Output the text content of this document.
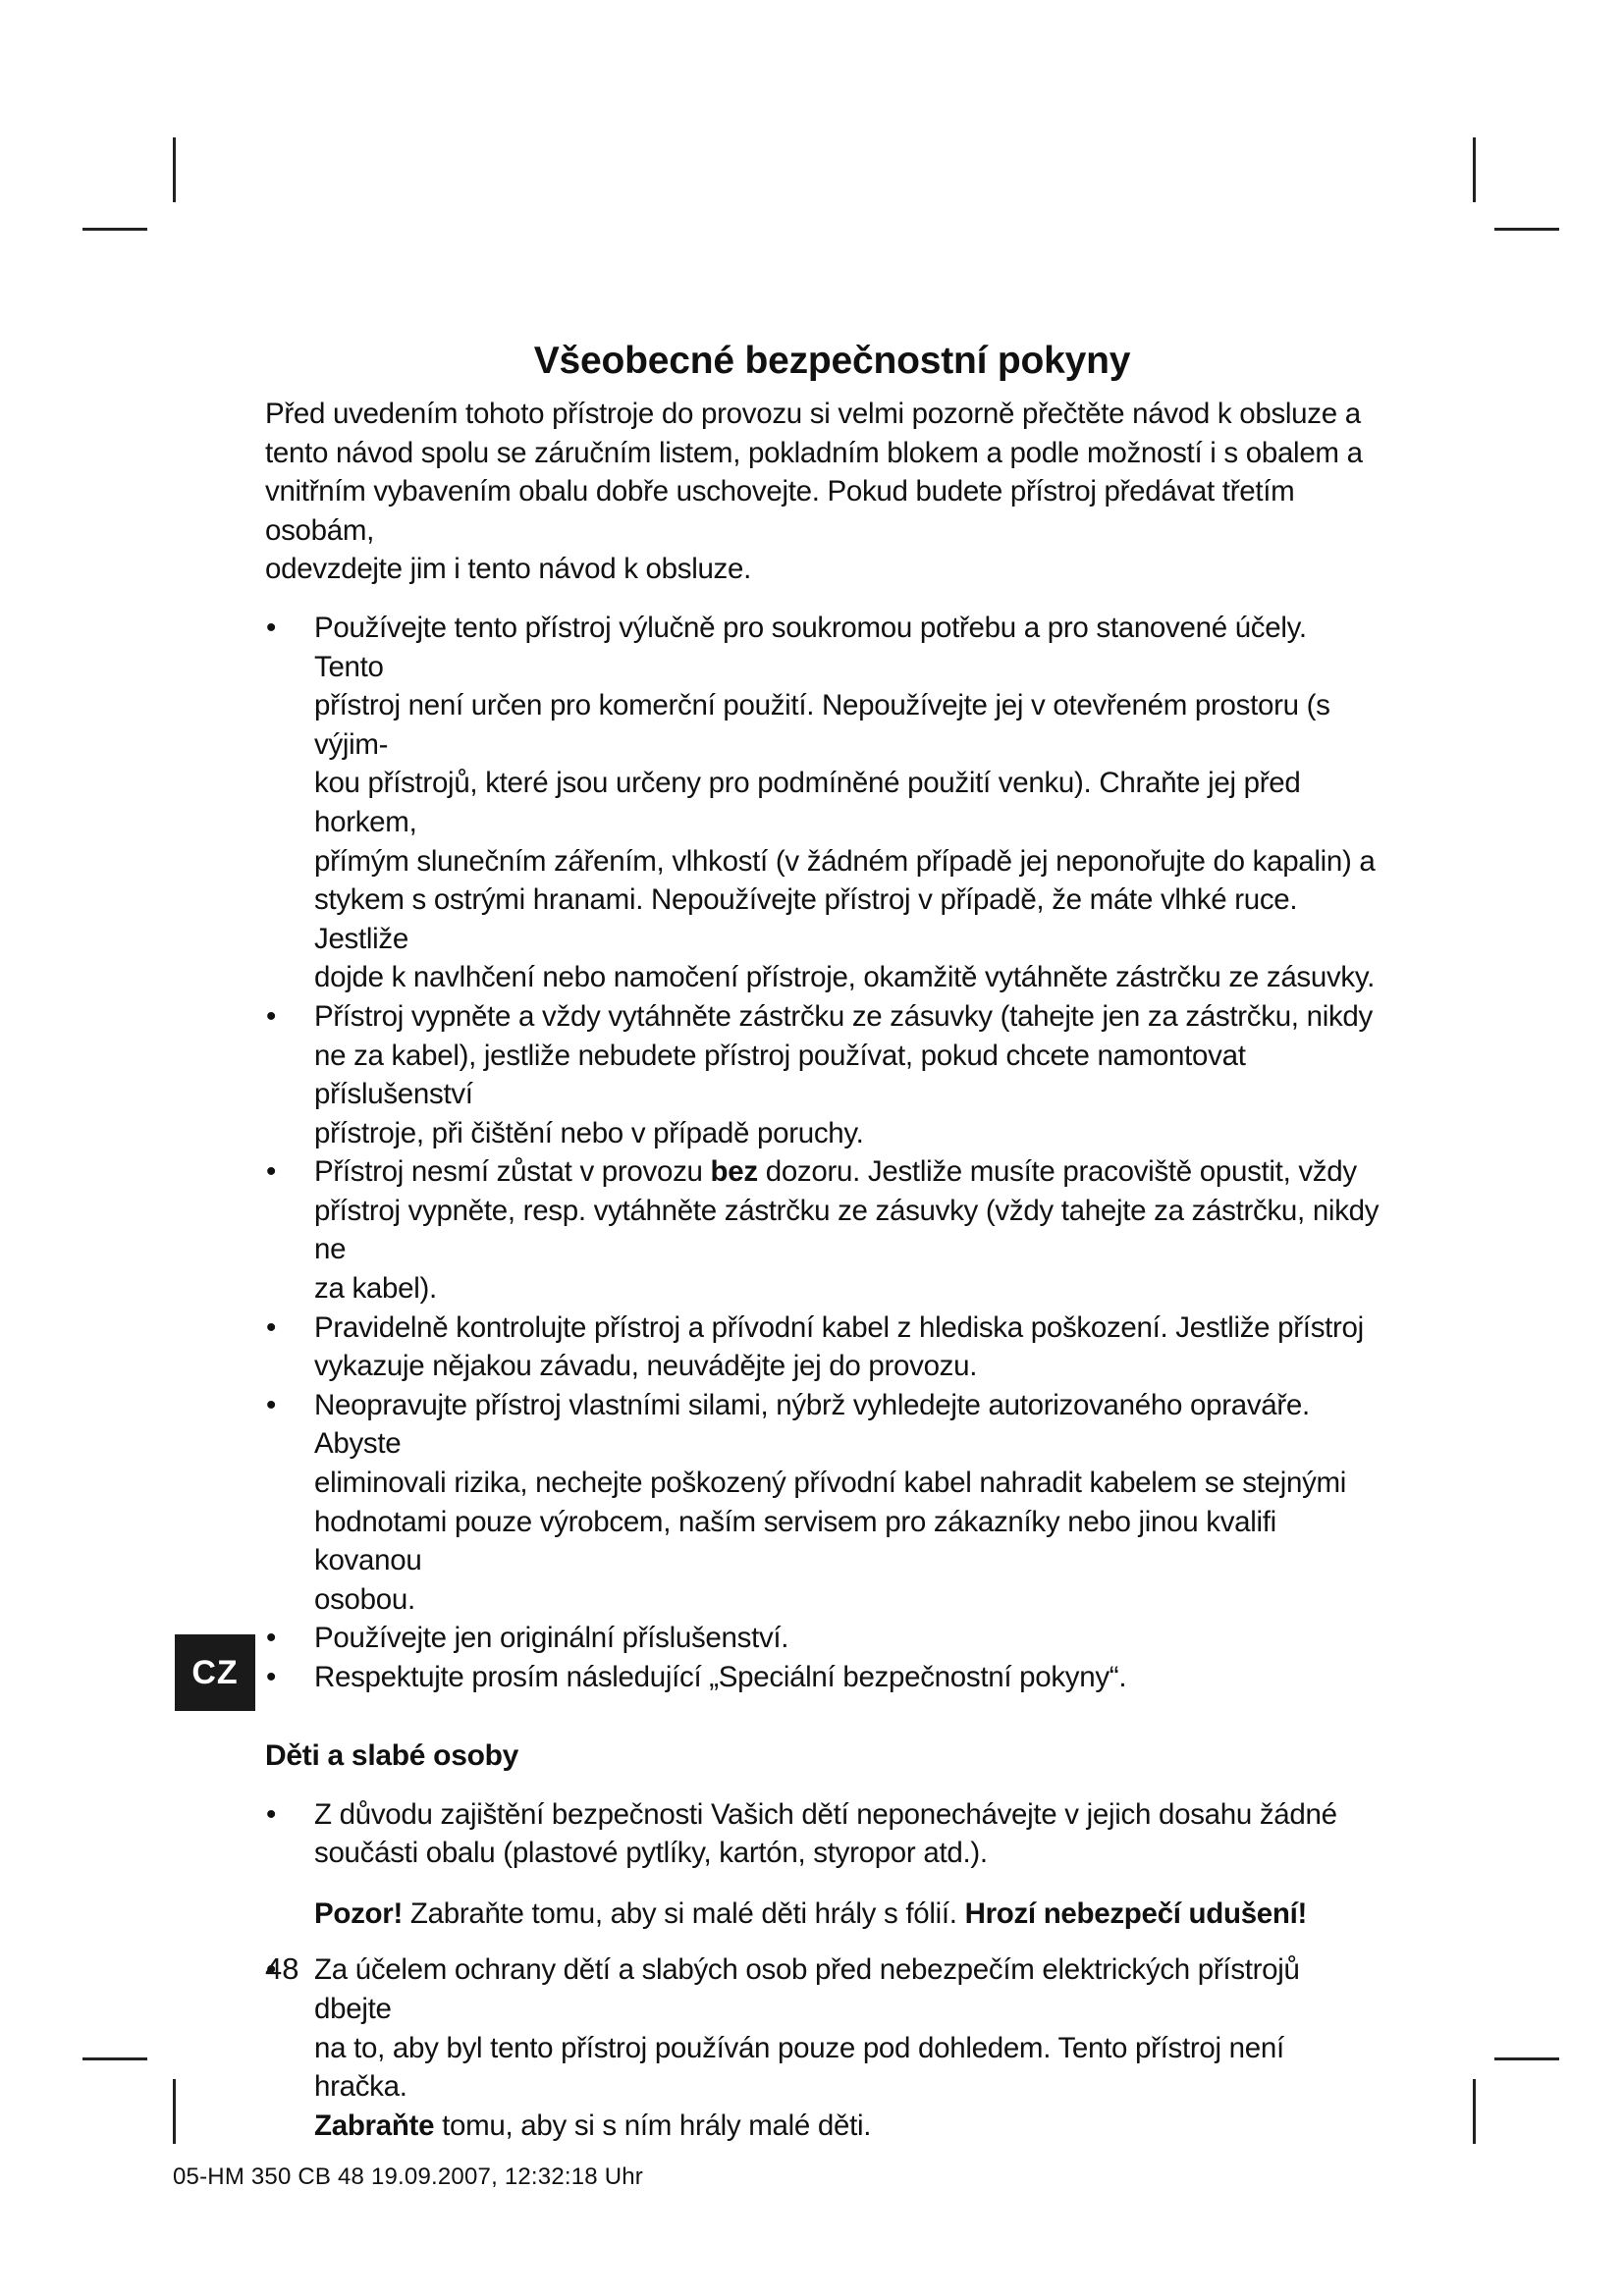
Všeobecné bezpečnostní pokyny

Před uvedením tohoto přístroje do provozu si velmi pozorně přečtěte návod k obsluze a
tento návod spolu se záručním listem, pokladním blokem a podle možností i s obalem a
vnitřním vybavením obalu dobře uschovejte. Pokud budete přístroj předávat třetím osobám,
odevzdejte jim i tento návod k obsluze.

• Používejte tento přístroj výlučně pro soukromou potřebu a pro stanovené účely. Tento
přístroj není určen pro komerční použití. Nepoužívejte jej v otevřeném prostoru (s výjim-
kou přístrojů, které jsou určeny pro podmíněné použití venku). Chraňte jej před horkem,
přímým slunečním zářením, vlhkostí (v žádném případě jej neponořujte do kapalin) a
stykem s ostrými hranami. Nepoužívejte přístroj v případě, že máte vlhké ruce. Jestliže
dojde k navlhčení nebo namočení přístroje, okamžitě vytáhněte zástrčku ze zásuvky.
• Přístroj vypněte a vždy vytáhněte zástrčku ze zásuvky (tahejte jen za zástrčku, nikdy
ne za kabel), jestliže nebudete přístroj používat, pokud chcete namontovat příslušenství
přístroje, při čištění nebo v případě poruchy.
• Přístroj nesmí zůstat v provozu bez dozoru. Jestliže musíte pracoviště opustit, vždy
přístroj vypněte, resp. vytáhněte zástrčku ze zásuvky (vždy tahejte za zástrčku, nikdy ne
za kabel).
• Pravidelně kontrolujte přístroj a přívodní kabel z hlediska poškození. Jestliže přístroj
vykazuje nějakou závadu, neuvádějte jej do provozu.
• Neopravujte přístroj vlastními silami, nýbrž vyhledejte autorizovaného opraváře. Abyste
eliminovali rizika, nechejte poškozený přívodní kabel nahradit kabelem se stejnými
hodnotami pouze výrobcem, naším servisem pro zákazníky nebo jinou kvalifi kovanou
osobou.
• Používejte jen originální příslušenství.
• Respektujte prosím následující „Speciální bezpečnostní pokyny“.
Děti a slabé osoby
• Z důvodu zajištění bezpečnosti Vašich dětí neponechávejte v jejich dosahu žádné
součásti obalu (plastové pytlíky, kartón, styropor atd.).

Pozor! Zabraňte tomu, aby si malé děti hrály s fólií. Hrozí nebezpečí udušení!

• Za účelem ochrany dětí a slabých osob před nebezpečím elektrických přístrojů dbejte
na to, aby byl tento přístroj používán pouze pod dohledem. Tento přístroj není hračka.
Zabraňte tomu, aby si s ním hrály malé děti.
CZ
48
05-HM 350 CB 48 19.09.2007, 12:32:18 Uhr
